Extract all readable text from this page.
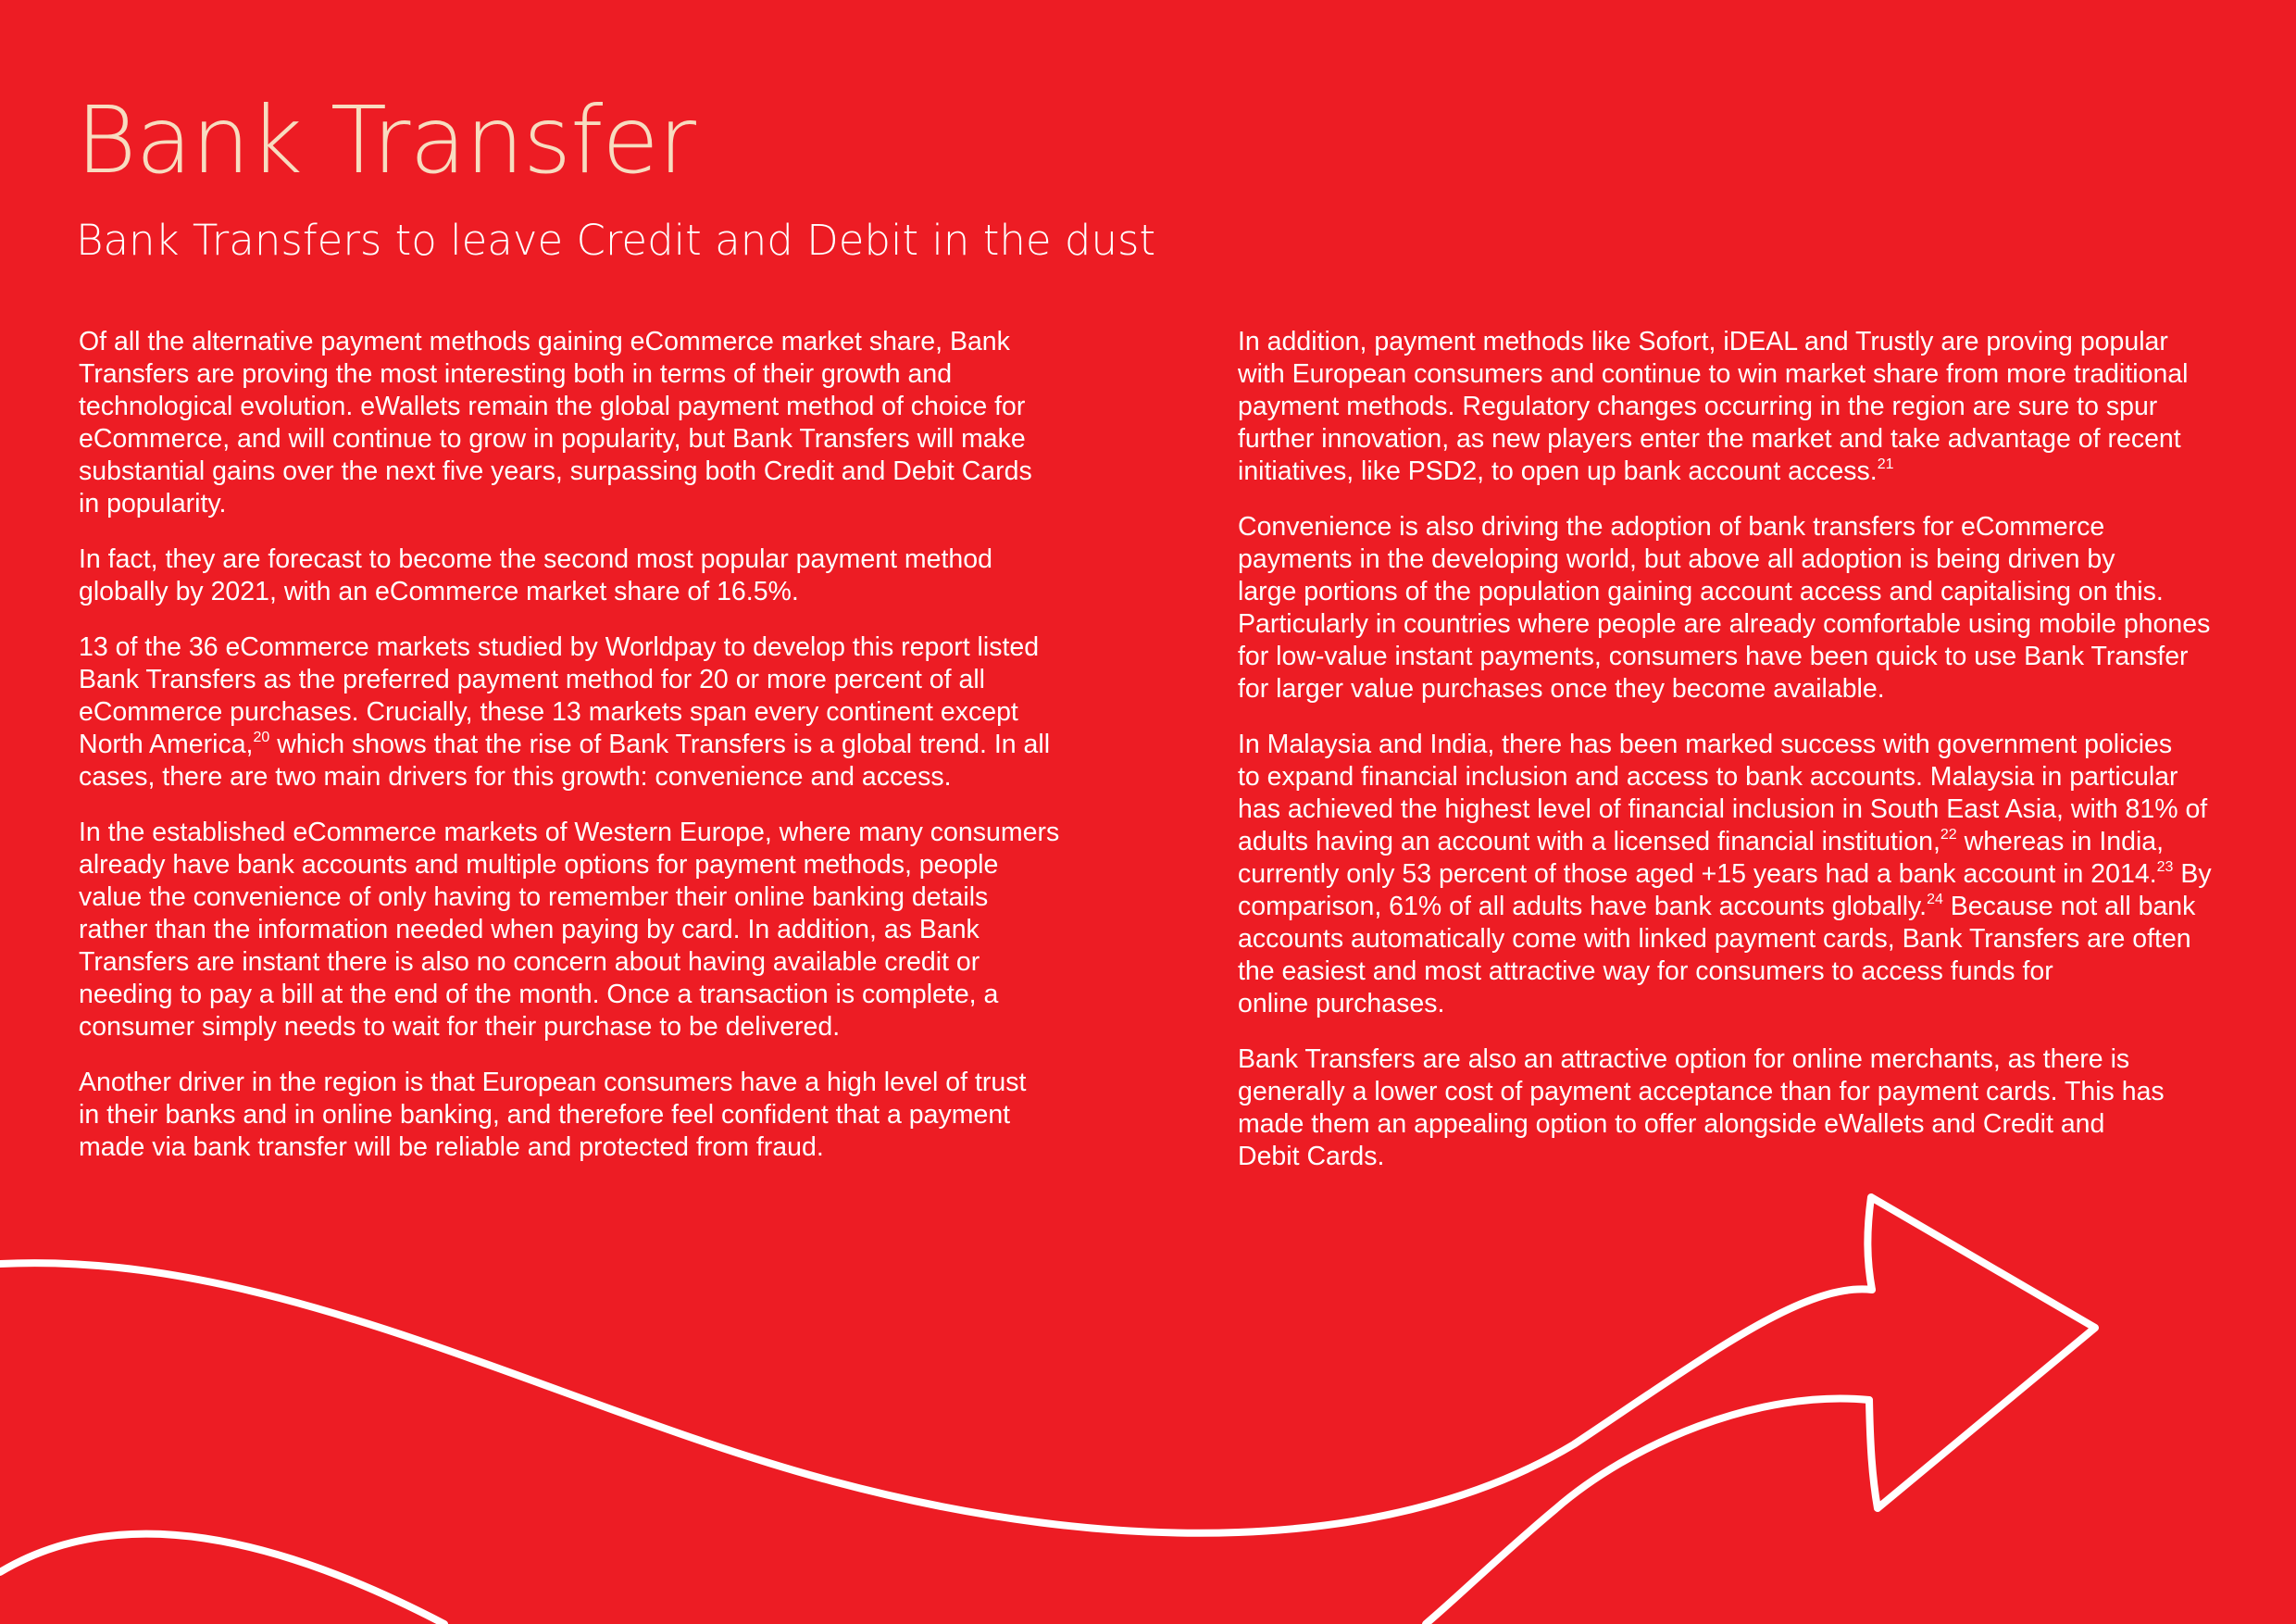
Bank Transfer
Bank Transfers to leave Credit and Debit in the dust

Of all the alternative payment methods gaining eCommerce market share, Bank
Transfers are proving the most interesting both in terms of their growth and
technological evolution. eWallets remain the global payment method of choice for
eCommerce, and will continue to grow in popularity, but Bank Transfers will make
substantial gains over the next five years, surpassing both Credit and Debit Cards
in popularity.

In fact, they are forecast to become the second most popular payment method
globally by 2021, with an eCommerce market share of 16.5%.

13 of the 36 eCommerce markets studied by Worldpay to develop this report listed
Bank Transfers as the preferred payment method for 20 or more percent of all
eCommerce purchases. Crucially, these 13 markets span every continent except
North America,$^{20}$ which shows that the rise of Bank Transfers is a global trend. In all
cases, there are two main drivers for this growth: convenience and access.

In the established eCommerce markets of Western Europe, where many consumers
already have bank accounts and multiple options for payment methods, people
value the convenience of only having to remember their online banking details
rather than the information needed when paying by card. In addition, as Bank
Transfers are instant there is also no concern about having available credit or
needing to pay a bill at the end of the month. Once a transaction is complete, a
consumer simply needs to wait for their purchase to be delivered.

Another driver in the region is that European consumers have a high level of trust
in their banks and in online banking, and therefore feel confident that a payment
made via bank transfer will be reliable and protected from fraud.

In addition, payment methods like Sofort, iDEAL and Trustly are proving popular
with European consumers and continue to win market share from more traditional
payment methods. Regulatory changes occurring in the region are sure to spur
further innovation, as new players enter the market and take advantage of recent
initiatives, like PSD2, to open up bank account access.$^{21}$

Convenience is also driving the adoption of bank transfers for eCommerce
payments in the developing world, but above all adoption is being driven by
large portions of the population gaining account access and capitalising on this.
Particularly in countries where people are already comfortable using mobile phones
for low-value instant payments, consumers have been quick to use Bank Transfer
for larger value purchases once they become available.

In Malaysia and India, there has been marked success with government policies
to expand financial inclusion and access to bank accounts. Malaysia in particular
has achieved the highest level of financial inclusion in South East Asia, with 81% of
adults having an account with a licensed financial institution,$^{22}$ whereas in India,
currently only 53 percent of those aged +15 years had a bank account in 2014.23 By
comparison, 61% of all adults have bank accounts globally.$^{24}$ Because not all bank
accounts automatically come with linked payment cards, Bank Transfers are often
the easiest and most attractive way for consumers to access funds for
online purchases.

Bank Transfers are also an attractive option for online merchants, as there is
generally a lower cost of payment acceptance than for payment cards. This has
made them an appealing option to offer alongside eWallets and Credit and
Debit Cards.
